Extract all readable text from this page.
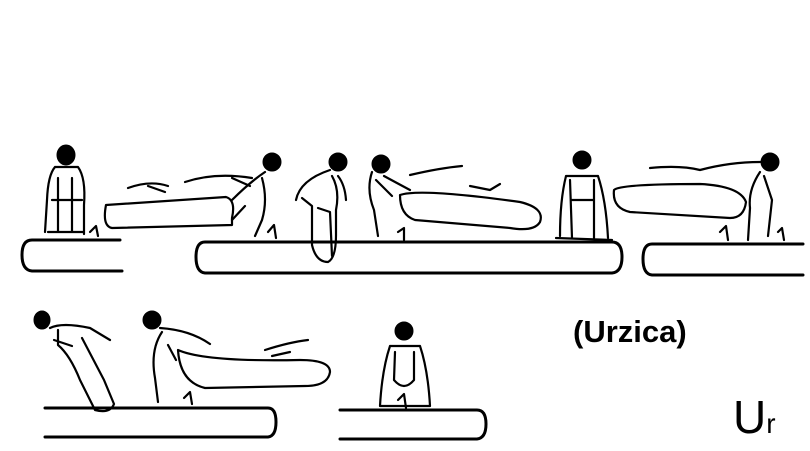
(Urzica)
Ur
